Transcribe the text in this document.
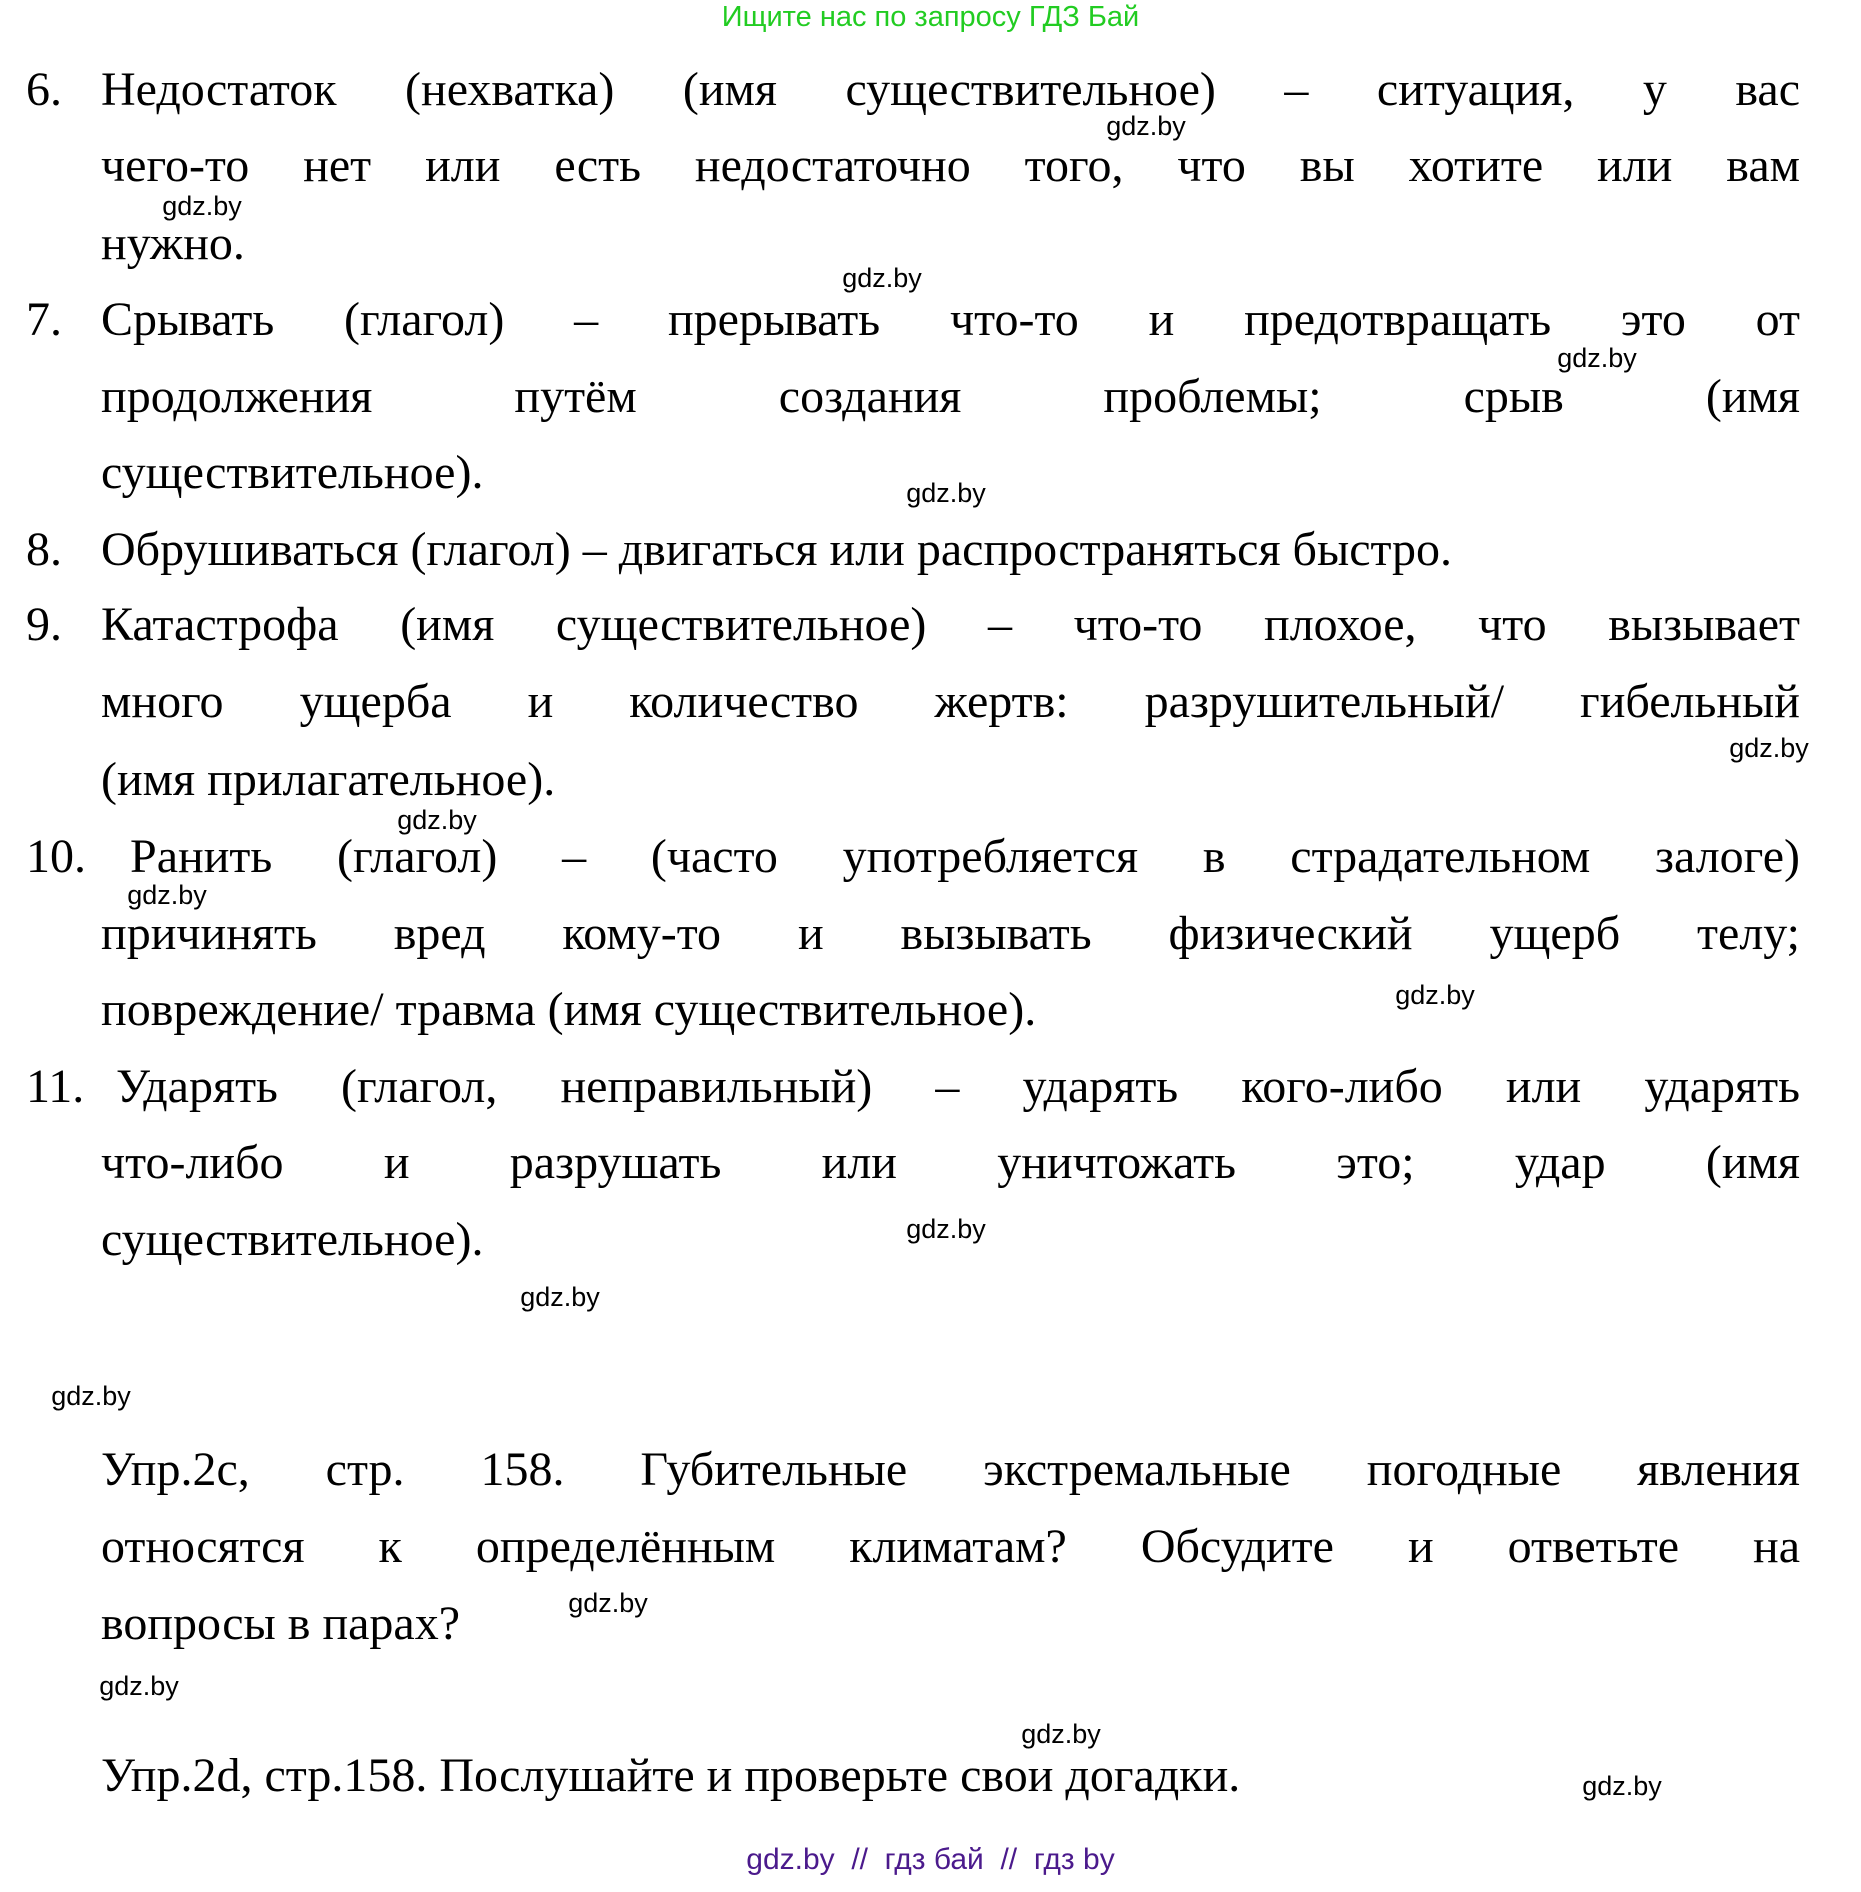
Ищите нас по запросу ГДЗ Бай
6. Недостаток (нехватка) (имя существительное) – ситуация, у вас
чего-то нет или есть недостаточно того, что вы хотите или вам
нужно.
7. Срывать (глагол) – прерывать что-то и предотвращать это от
продолжения путём создания проблемы; срыв (имя
существительное).
8. Обрушиваться (глагол) – двигаться или распространяться быстро.
9. Катастрофа (имя существительное) – что-то плохое, что вызывает
много ущерба и количество жертв: разрушительный/ гибельный
(имя прилагательное).
10. Ранить (глагол) – (часто употребляется в страдательном залоге)
причинять вред кому-то и вызывать физический ущерб телу;
повреждение/ травма (имя существительное).
11. Ударять (глагол, неправильный) – ударять кого-либо или ударять
что-либо и разрушать или уничтожать это; удар (имя
существительное).
Упр.2c, стр. 158. Губительные экстремальные погодные явления
относятся к определённым климатам? Обсудите и ответьте на
вопросы в парах?
Упр.2d, стр.158. Послушайте и проверьте свои догадки.
gdz.by
gdz.by
gdz.by
gdz.by
gdz.by
gdz.by
gdz.by
gdz.by
gdz.by
gdz.by
gdz.by
gdz.by
gdz.by
gdz.by
gdz.by
gdz.by
gdz.by  //  гдз бай  //  гдз by
